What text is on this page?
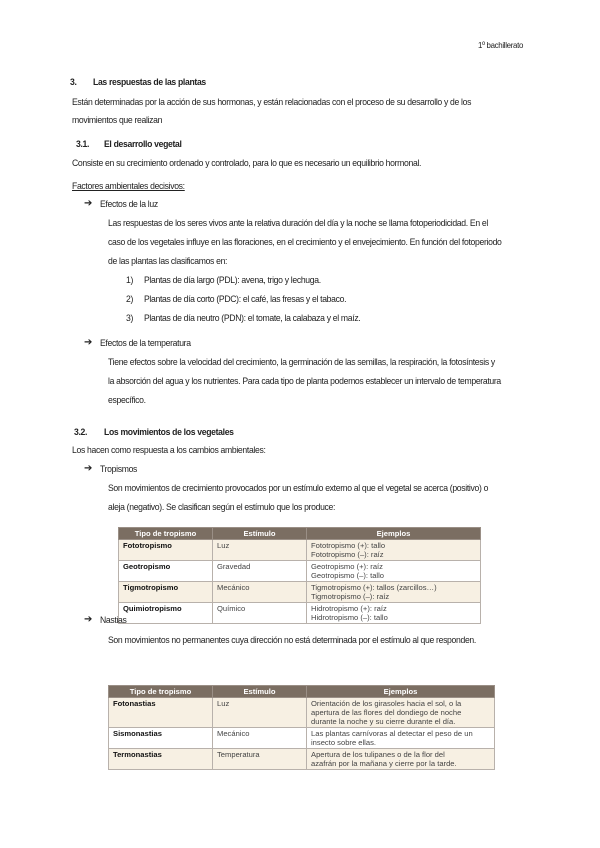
1º bachillerato
3. Las respuestas de las plantas
Están determinadas por la acción de sus hormonas, y están relacionadas con el proceso de su desarrollo y de los
movimientos que realizan
3.1. El desarrollo vegetal
Consiste en su crecimiento ordenado y controlado, para lo que es necesario un equilibrio hormonal.
Factores ambientales decisivos:
➔ Efectos de la luz
Las respuestas de los seres vivos ante la relativa duración del día y la noche se llama fotoperiodicidad. En el
caso de los vegetales influye en las floraciones, en el crecimiento y el envejecimiento. En función del fotoperiodo
de las plantas las clasificamos en:
1) Plantas de día largo (PDL): avena, trigo y lechuga.
2) Plantas de día corto (PDC): el café, las fresas y el tabaco.
3) Plantas de día neutro (PDN): el tomate, la calabaza y el maíz.
➔ Efectos de la temperatura
Tiene efectos sobre la velocidad del crecimiento, la germinación de las semillas, la respiración, la fotosíntesis y
la absorción del agua y los nutrientes. Para cada tipo de planta podemos establecer un intervalo de temperatura
específico.
3.2. Los movimientos de los vegetales
Los hacen como respuesta a los cambios ambientales:
➔ Tropismos
Son movimientos de crecimiento provocados por un estímulo externo al que el vegetal se acerca (positivo) o
aleja (negativo). Se clasifican según el estímulo que los produce:
Tipo de tropismo	Estímulo	Ejemplos
Fototropismo	Luz	Fototropismo (+): tallo
Fototropismo (–): raíz

Geotropismo	Gravedad	Geotropismo (+): raíz
Geotropismo (–): tallo

Tigmotropismo	Mecánico	Tigmotropismo (+): tallos (zarcillos…)
Tigmotropismo (–): raíz

Quimiotropismo	Químico	Hidrotropismo (+): raíz
Hidrotropismo (–): tallo
➔ Nastias
Son movimientos no permanentes cuya dirección no está determinada por el estímulo al que responden.
Tipo de tropismo	Estímulo	Ejemplos
Fotonastias	Luz	Orientación de los girasoles hacia el sol, o la
apertura de las flores del dondiego de noche
durante la noche y su cierre durante el día.

Sismonastias	Mecánico	Las plantas carnívoras al detectar el peso de un
insecto sobre ellas.

Termonastias	Temperatura	Apertura de los tulipanes o de la flor del
azafrán por la mañana y cierre por la tarde.
